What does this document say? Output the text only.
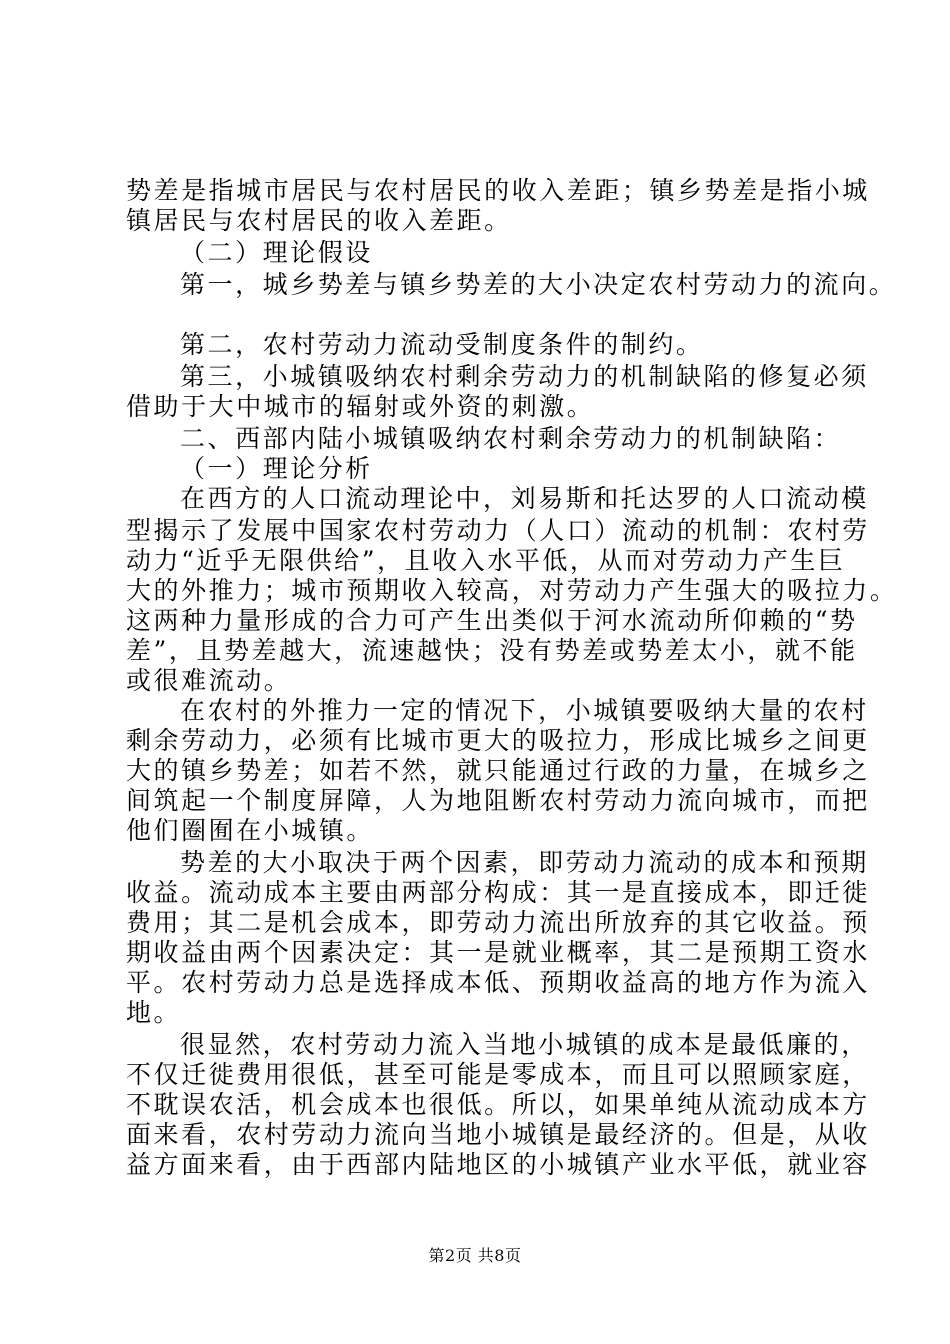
势差是指城市居民与农村居民的收入差距；镇乡势差是指小城
镇居民与农村居民的收入差距。
（二）理论假设
第一，城乡势差与镇乡势差的大小决定农村劳动力的流向。
第二，农村劳动力流动受制度条件的制约。
第三，小城镇吸纳农村剩余劳动力的机制缺陷的修复必须
借助于大中城市的辐射或外资的刺激。
二、西部内陆小城镇吸纳农村剩余劳动力的机制缺陷：
（一）理论分析
在西方的人口流动理论中，刘易斯和托达罗的人口流动模
型揭示了发展中国家农村劳动力（人口）流动的机制：农村劳
动力“近乎无限供给”，且收入水平低，从而对劳动力产生巨
大的外推力；城市预期收入较高，对劳动力产生强大的吸拉力。
这两种力量形成的合力可产生出类似于河水流动所仰赖的“势
差”，且势差越大，流速越快；没有势差或势差太小，就不能
或很难流动。
在农村的外推力一定的情况下，小城镇要吸纳大量的农村
剩余劳动力，必须有比城市更大的吸拉力，形成比城乡之间更
大的镇乡势差；如若不然，就只能通过行政的力量，在城乡之
间筑起一个制度屏障，人为地阻断农村劳动力流向城市，而把
他们圈囿在小城镇。
势差的大小取决于两个因素，即劳动力流动的成本和预期
收益。流动成本主要由两部分构成：其一是直接成本，即迁徙
费用；其二是机会成本，即劳动力流出所放弃的其它收益。预
期收益由两个因素决定：其一是就业概率，其二是预期工资水
平。农村劳动力总是选择成本低、预期收益高的地方作为流入
地。
很显然，农村劳动力流入当地小城镇的成本是最低廉的，
不仅迁徙费用很低，甚至可能是零成本，而且可以照顾家庭，
不耽误农活，机会成本也很低。所以，如果单纯从流动成本方
面来看，农村劳动力流向当地小城镇是最经济的。但是，从收
益方面来看，由于西部内陆地区的小城镇产业水平低，就业容
第2页 共8页
